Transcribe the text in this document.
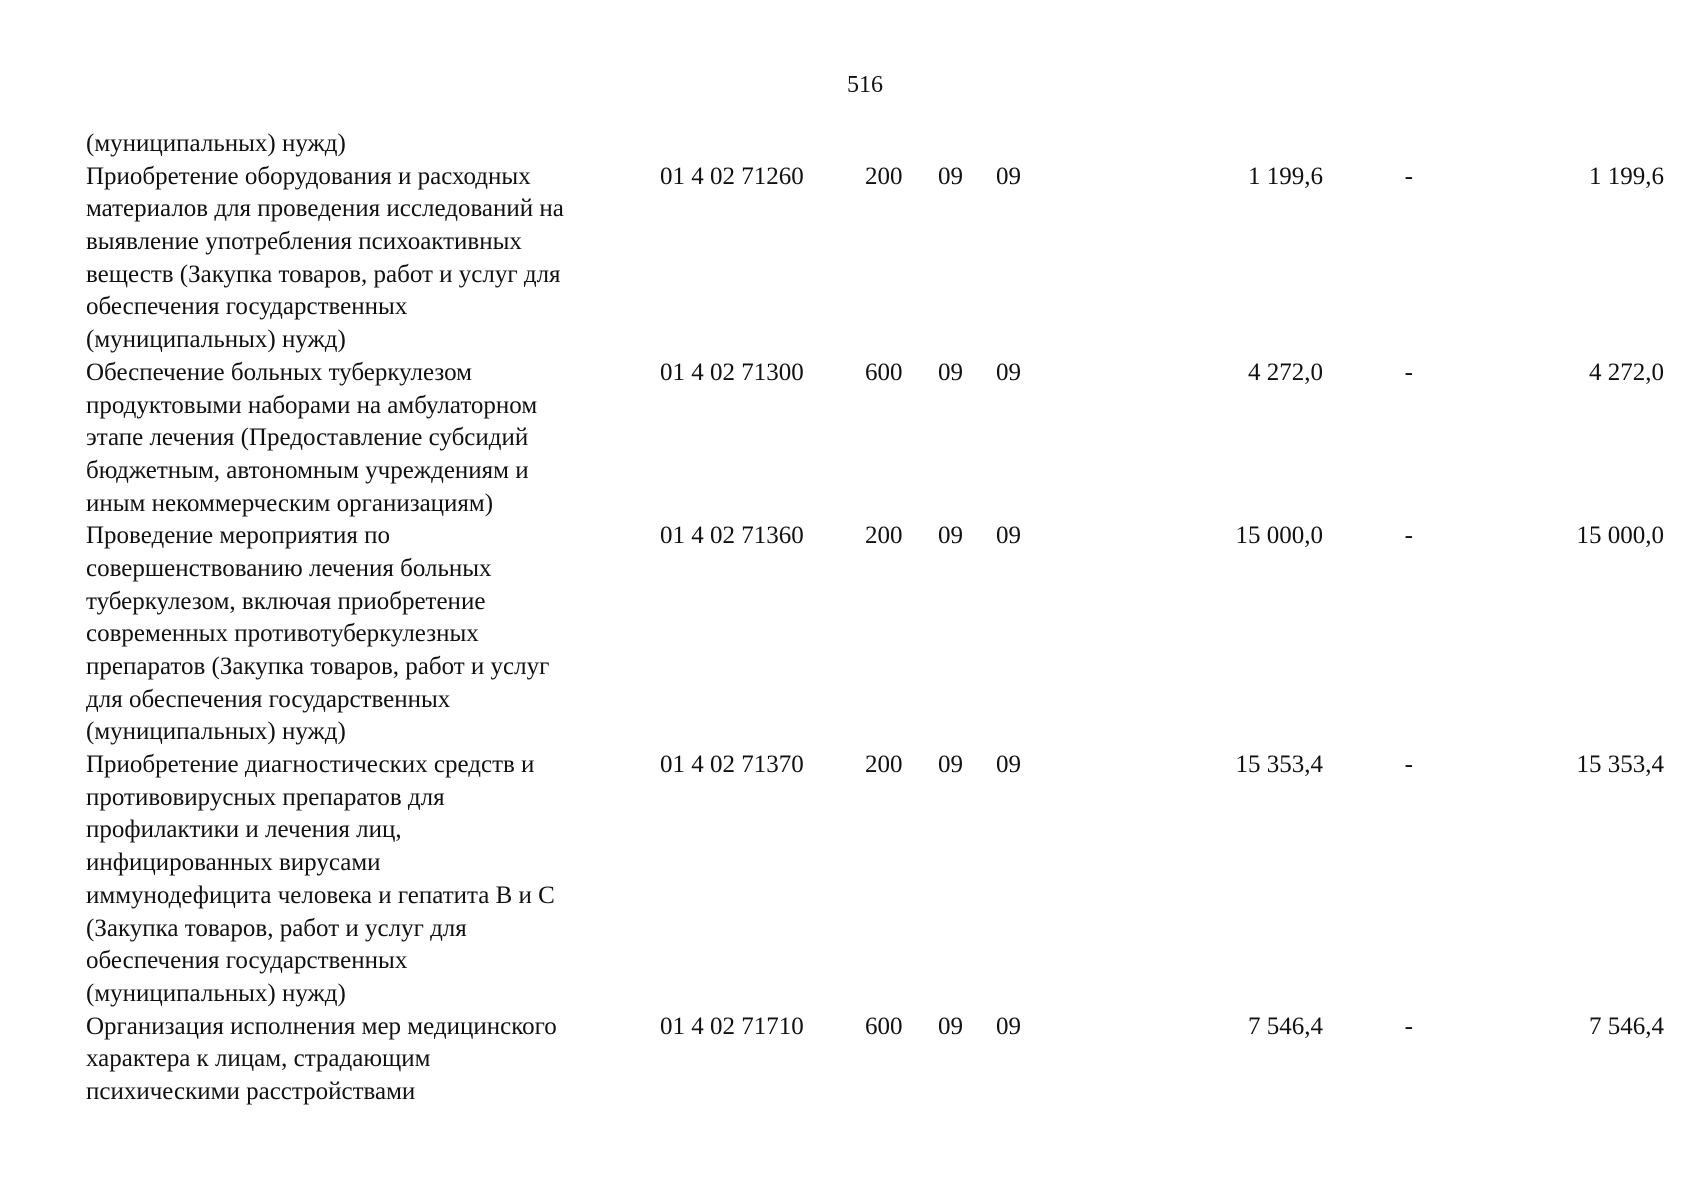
516
(муниципальных) нужд)
Приобретение оборудования и расходных
материалов для проведения исследований на
выявление употребления психоактивных
веществ (Закупка товаров, работ и услуг для
обеспечения государственных
(муниципальных) нужд)
01 4 02 71260 200 09 09	1 199,6	-	1 199,6
Обеспечение больных туберкулезом
продуктовыми наборами на амбулаторном
этапе лечения (Предоставление субсидий
бюджетным, автономным учреждениям и
иным некоммерческим организациям)
01 4 02 71300 600 09 09	4 272,0	-	4 272,0
Проведение мероприятия по
совершенствованию лечения больных
туберкулезом, включая приобретение
современных противотуберкулезных
препаратов (Закупка товаров, работ и услуг
для обеспечения государственных
(муниципальных) нужд)
01 4 02 71360 200 09 09	15 000,0	-	15 000,0
Приобретение диагностических средств и
противовирусных препаратов для
профилактики и лечения лиц,
инфицированных вирусами
иммунодефицита человека и гепатита В и С
(Закупка товаров, работ и услуг для
обеспечения государственных
(муниципальных) нужд)
01 4 02 71370 200 09 09	15 353,4	-	15 353,4
Организация исполнения мер медицинского
характера к лицам, страдающим
психическими расстройствами
01 4 02 71710 600 09 09	7 546,4	-	7 546,4
